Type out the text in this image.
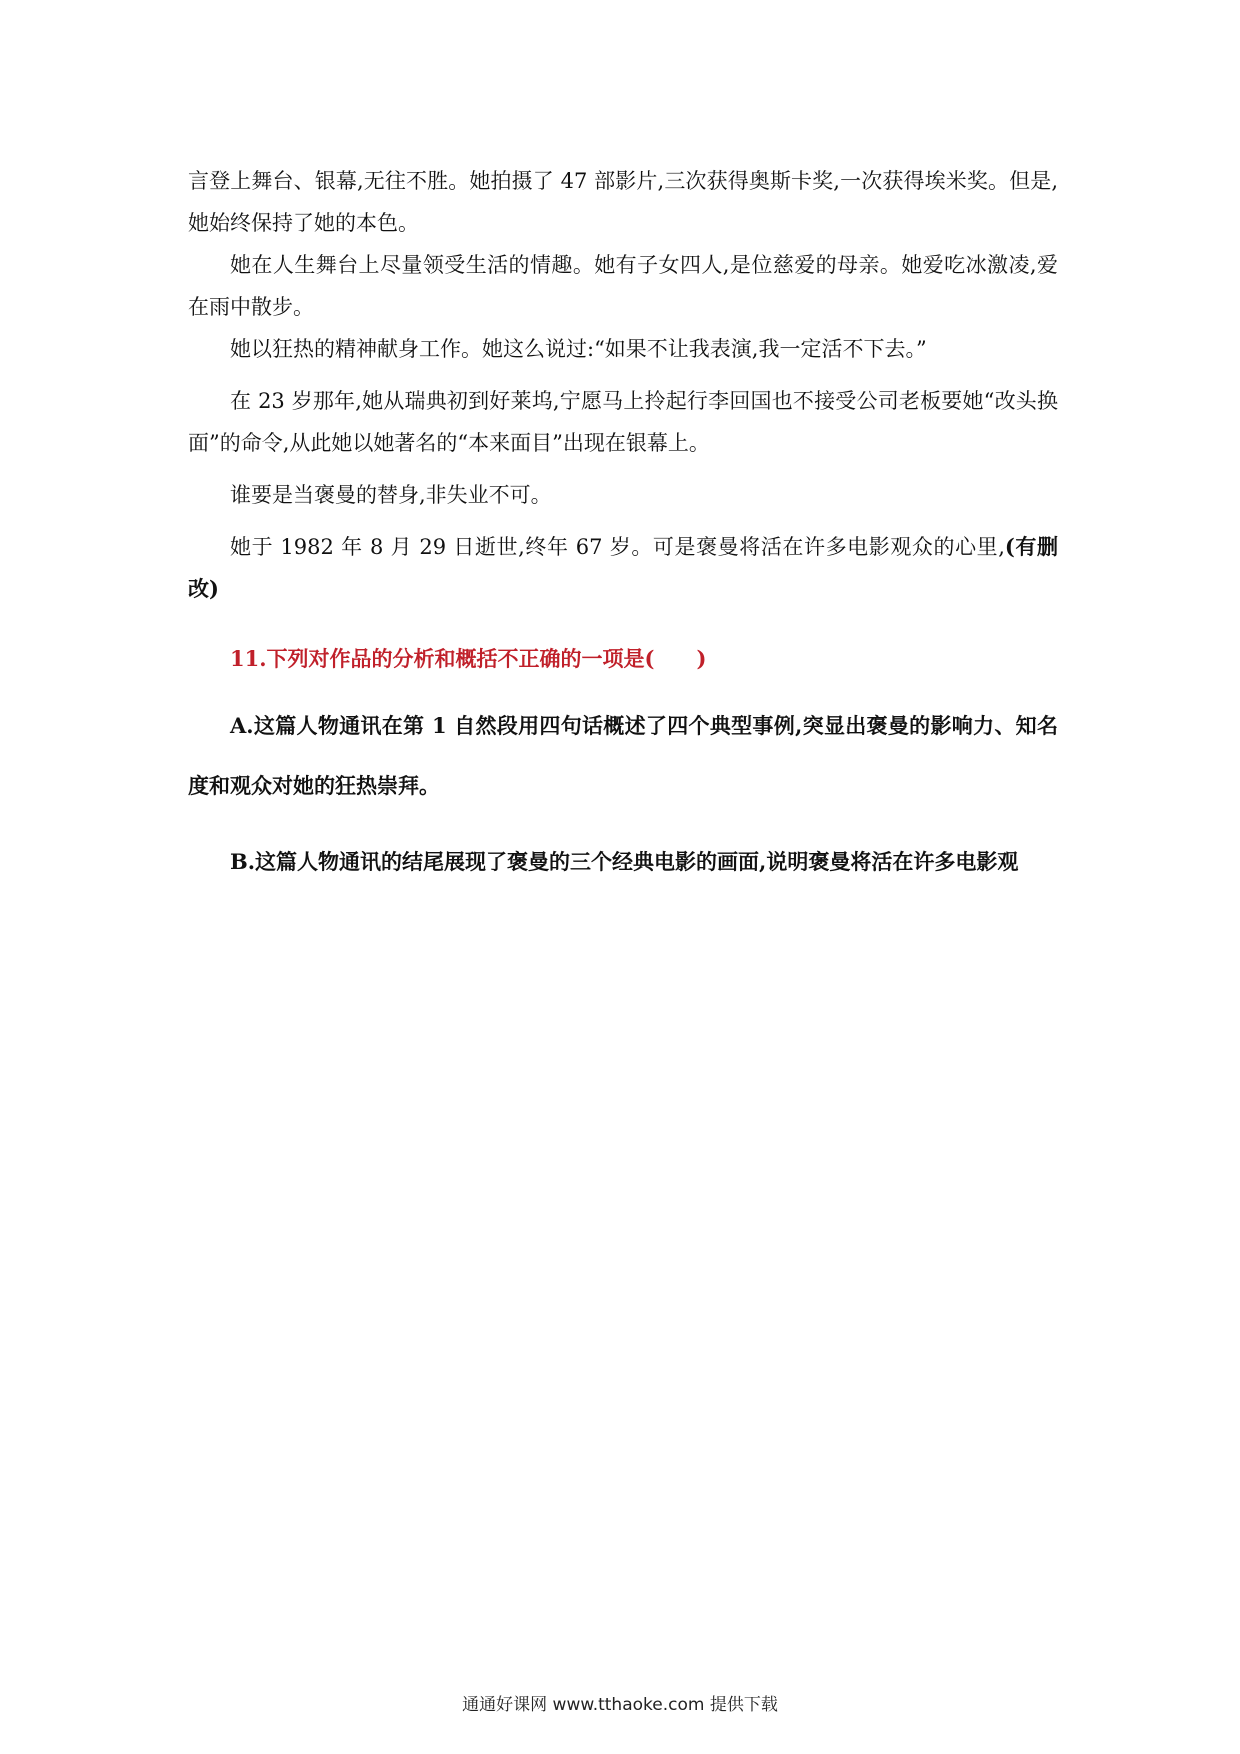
言登上舞台、银幕,无往不胜。她拍摄了 47 部影片,三次获得奥斯卡奖,一次获得埃米奖。但是,她始终保持了她的本色。

她在人生舞台上尽量领受生活的情趣。她有子女四人,是位慈爱的母亲。她爱吃冰激凌,爱在雨中散步。

她以狂热的精神献身工作。她这么说过:“如果不让我表演,我一定活不下去。”

在 23 岁那年,她从瑞典初到好莱坞,宁愿马上拎起行李回国也不接受公司老板要她“改头换面”的命令,从此她以她著名的“本来面目”出现在银幕上。

谁要是当褒曼的替身,非失业不可。

她于 1982 年 8 月 29 日逝世,终年 67 岁。可是褒曼将活在许多电影观众的心里,(有删改)

11.下列对作品的分析和概括不正确的一项是(　　)
A.这篇人物通讯在第 1 自然段用四句话概述了四个典型事例,突显出褒曼的影响力、知名度和观众对她的狂热崇拜。
B.这篇人物通讯的结尾展现了褒曼的三个经典电影的画面,说明褒曼将活在许多电影观
通通好课网 www.tthaoke.com 提供下载
